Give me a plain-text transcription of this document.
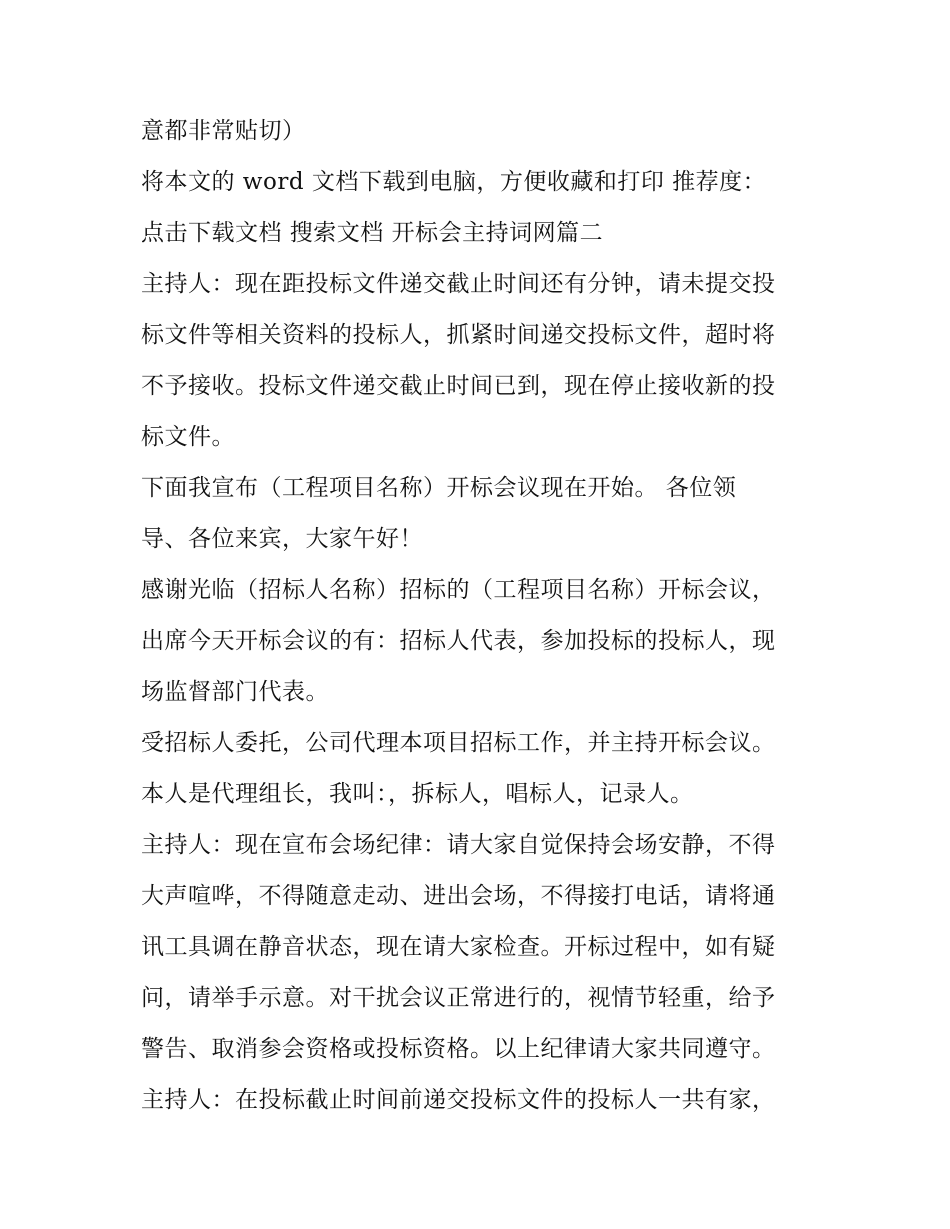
意都非常贴切）
将本文的 word 文档下载到电脑，方便收藏和打印 推荐度：
点击下载文档 搜索文档 开标会主持词网篇二
主持人：现在距投标文件递交截止时间还有分钟，请未提交投
标文件等相关资料的投标人，抓紧时间递交投标文件，超时将
不予接收。投标文件递交截止时间已到，现在停止接收新的投
标文件。
下面我宣布（工程项目名称）开标会议现在开始。 各位领
导、各位来宾，大家午好！
感谢光临（招标人名称）招标的（工程项目名称）开标会议，
出席今天开标会议的有：招标人代表，参加投标的投标人，现
场监督部门代表。
受招标人委托，公司代理本项目招标工作，并主持开标会议。
本人是代理组长，我叫：，拆标人，唱标人，记录人。
主持人：现在宣布会场纪律：请大家自觉保持会场安静，不得
大声喧哗，不得随意走动、进出会场，不得接打电话，请将通
讯工具调在静音状态，现在请大家检查。开标过程中，如有疑
问，请举手示意。对干扰会议正常进行的，视情节轻重，给予
警告、取消参会资格或投标资格。以上纪律请大家共同遵守。
主持人：在投标截止时间前递交投标文件的投标人一共有家，
